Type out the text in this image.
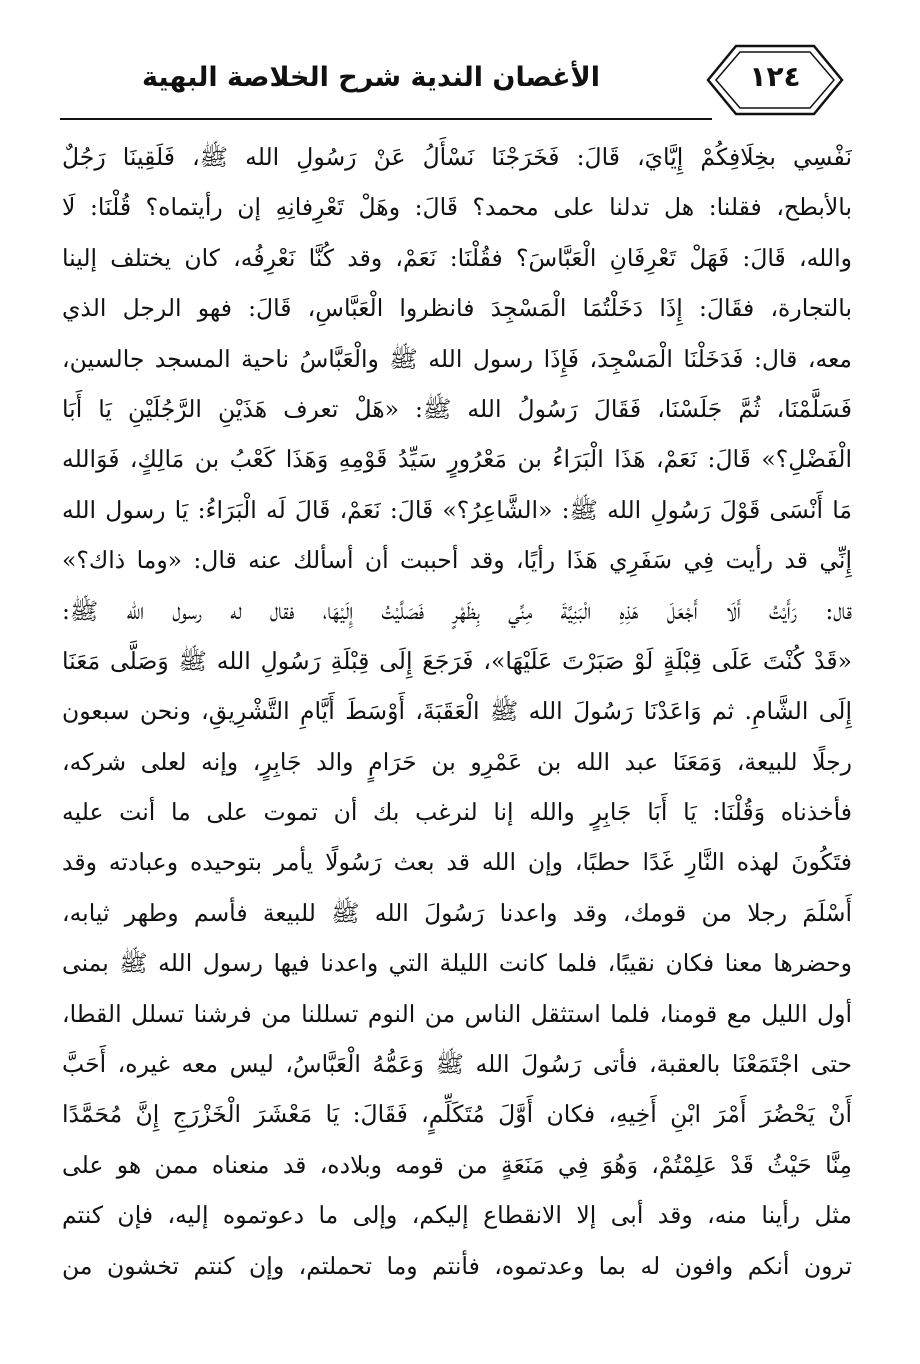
الأغصان الندية شرح الخلاصة البهية	١٢٤
نَفْسِي بخِلَافِكُمْ إِيَّايَ، قَالَ: فَخَرَجْنَا نَسْأَلُ عَنْ رَسُولِ الله ﷺ، فَلَقِينَا رَجُلٌ
بالأبطح، فقلنا: هل تدلنا على محمد؟ قَالَ: وهَلْ تَعْرِفانِهِ إن رأيتماه؟ قُلْنَا: لَا
والله، قَالَ: فَهَلْ تَعْرِفَانِ الْعَبَّاسَ؟ فقُلْنَا: نَعَمْ، وقد كُنَّا نَعْرِفُه، كان يختلف إلينا
بالتجارة، فقَالَ: إِذَا دَخَلْتُمَا الْمَسْجِدَ فانظروا الْعَبَّاسِ، قَالَ: فهو الرجل الذي
معه، قال: فَدَخَلْنَا الْمَسْجِدَ، فَإِذَا رسول الله ﷺ والْعَبَّاسُ ناحية المسجد جالسين،
فَسَلَّمْنَا، ثُمَّ جَلَسْنَا، فَقَالَ رَسُولُ الله ﷺ: «هَلْ تعرف هَذَيْنِ الرَّجُلَيْنِ يَا أَبَا
الْفَضْلِ؟» قَالَ: نَعَمْ، هَذَا الْبَرَاءُ بن مَعْرُورٍ سَيِّدُ قَوْمِهِ وَهَذَا كَعْبُ بن مَالِكٍ، فَوَالله
مَا أَنْسَى قَوْلَ رَسُولِ الله ﷺ: «الشَّاعِرُ؟» قَالَ: نَعَمْ، قَالَ لَه الْبَرَاءُ: يَا رسول الله
إِنِّي قد رأيت فِي سَفَرِي هَذَا رأيًا، وقد أحببت أن أسألك عنه قال: «وما ذاك؟»
قال: رَأَيْتُ أَلَا أَجْعَلَ هَذِهِ الْبَنِيَّةَ مِنِّي بِظَهْرٍ فَصَلَّيْتُ إِلَيْهَا، فقال له رسول الله ﷺ:
«قَدْ كُنْتَ عَلَى قِبْلَةٍ لَوْ صَبَرْتَ عَلَيْهَا»، فَرَجَعَ إِلَى قِبْلَةِ رَسُولِ الله ﷺ وَصَلَّى مَعَنَا
إِلَى الشَّامِ. ثم وَاعَدْنَا رَسُولَ الله ﷺ الْعَقَبَةَ، أَوْسَطَ أَيَّامِ التَّشْرِيقِ، ونحن سبعون
رجلًا للبيعة، وَمَعَنَا عبد الله بن عَمْرِو بن حَرَامٍ والد جَابِرٍ، وإنه لعلى شركه،
فأخذناه وَقُلْنَا: يَا أَبَا جَابِرٍ والله إنا لنرغب بك أن تموت على ما أنت عليه
فتَكُونَ لهذه النَّارِ غَدًا حطبًا، وإن الله قد بعث رَسُولًا يأمر بتوحيده وعبادته وقد
أَسْلَمَ رجلا من قومك، وقد واعدنا رَسُولَ الله ﷺ للبيعة فأسم وطهر ثيابه،
وحضرها معنا فكان نقيبًا، فلما كانت الليلة التي واعدنا فيها رسول الله ﷺ بمنى
أول الليل مع قومنا، فلما استثقل الناس من النوم تسللنا من فرشنا تسلل القطا،
حتى اجْتَمَعْنَا بالعقبة، فأتى رَسُولَ الله ﷺ وَعَمُّهُ الْعَبَّاسُ، ليس معه غيره، أَحَبَّ
أَنْ يَحْضُرَ أَمْرَ ابْنِ أَخِيهِ، فكان أَوَّلَ مُتَكَلِّمٍ، فَقَالَ: يَا مَعْشَرَ الْخَزْرَجِ إِنَّ مُحَمَّدًا
مِنَّا حَيْثُ قَدْ عَلِمْتُمْ، وَهُوَ فِي مَنَعَةٍ من قومه وبلاده، قد منعناه ممن هو على
مثل رأينا منه، وقد أبى إلا الانقطاع إليكم، وإلى ما دعوتموه إليه، فإن كنتم
ترون أنكم وافون له بما وعدتموه، فأنتم وما تحملتم، وإن كنتم تخشون من
